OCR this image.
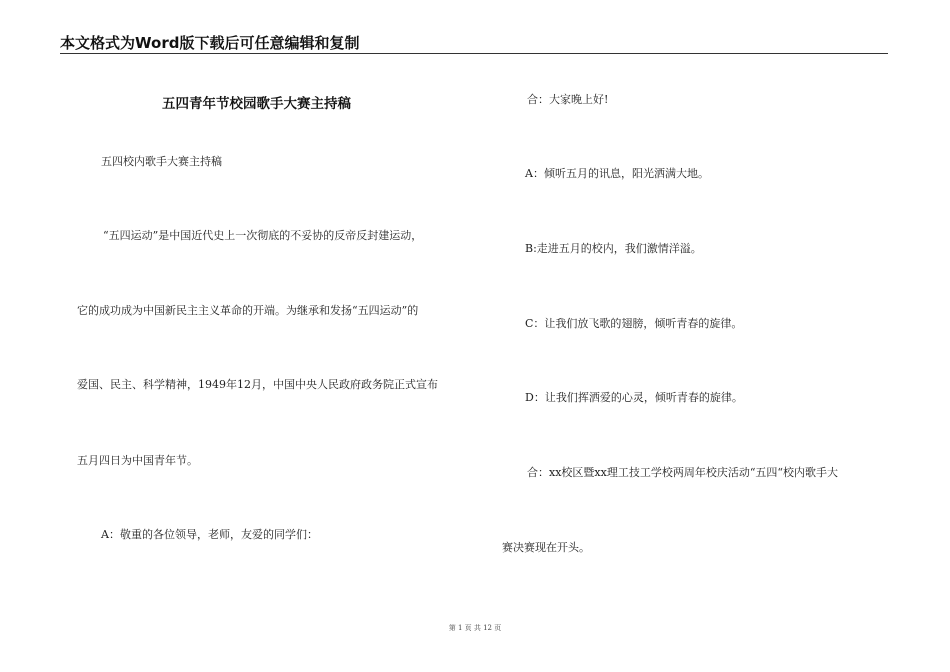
本文格式为Word版下载后可任意编辑和复制
五四青年节校园歌手大赛主持稿
五四校内歌手大赛主持稿
“五四运动”是中国近代史上一次彻底的不妥协的反帝反封建运动，
它的成功成为中国新民主主义革命的开端。为继承和发扬“五四运动”的
爱国、民主、科学精神，1949年12月，中国中央人民政府政务院正式宣布
五月四日为中国青年节。
A：敬重的各位领导，老师，友爱的同学们：
合：大家晚上好!
A：倾听五月的讯息，阳光洒满大地。
B:走进五月的校内，我们激情洋溢。
C：让我们放飞歌的翅膀，倾听青春的旋律。
D：让我们挥洒爱的心灵，倾听青春的旋律。
合：xx校区暨xx理工技工学校两周年校庆活动“五四“校内歌手大
赛决赛现在开头。
第 1 页 共 12 页
